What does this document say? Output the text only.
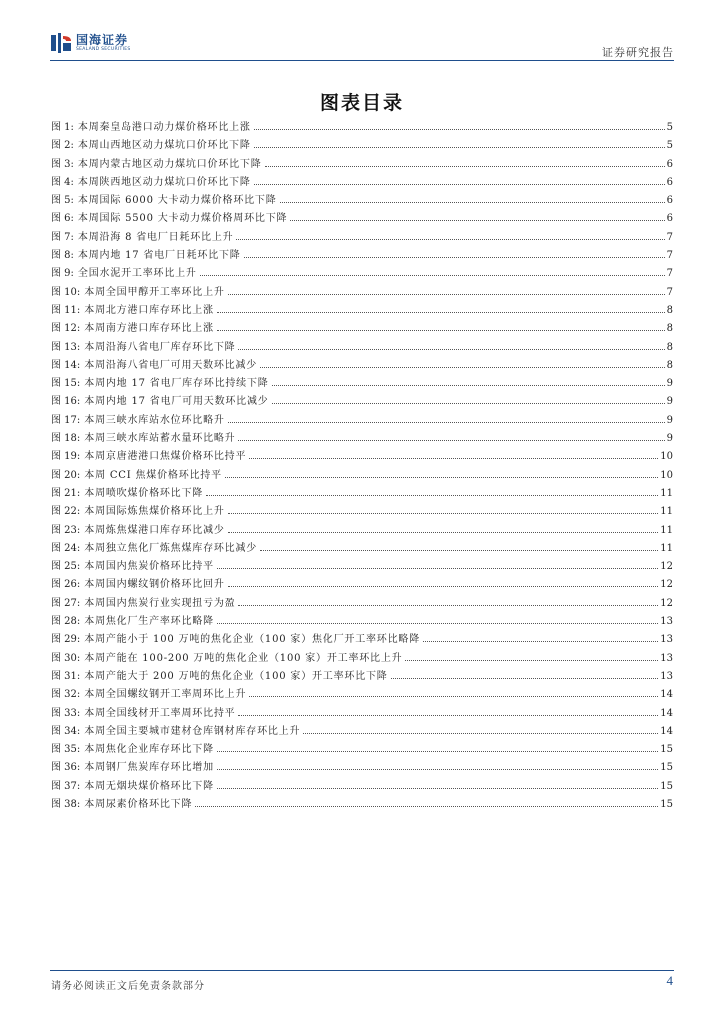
国海证券
SEALAND SECURITIES	证券研究报告
图表目录
图 1: 本周秦皇岛港口动力煤价格环比上涨	5
图 2: 本周山西地区动力煤坑口价环比下降	5
图 3: 本周内蒙古地区动力煤坑口价环比下降	6
图 4: 本周陕西地区动力煤坑口价环比下降	6
图 5: 本周国际 6000 大卡动力煤价格环比下降	6
图 6: 本周国际 5500 大卡动力煤价格周环比下降	6
图 7: 本周沿海 8 省电厂日耗环比上升	7
图 8: 本周内地 17 省电厂日耗环比下降	7
图 9: 全国水泥开工率环比上升	7
图 10: 本周全国甲醇开工率环比上升	7
图 11: 本周北方港口库存环比上涨	8
图 12: 本周南方港口库存环比上涨	8
图 13: 本周沿海八省电厂库存环比下降	8
图 14: 本周沿海八省电厂可用天数环比减少	8
图 15: 本周内地 17 省电厂库存环比持续下降	9
图 16: 本周内地 17 省电厂可用天数环比减少	9
图 17: 本周三峡水库站水位环比略升	9
图 18: 本周三峡水库站蓄水量环比略升	9
图 19: 本周京唐港港口焦煤价格环比持平	10
图 20: 本周 CCI 焦煤价格环比持平	10
图 21: 本周喷吹煤价格环比下降	11
图 22: 本周国际炼焦煤价格环比上升	11
图 23: 本周炼焦煤港口库存环比减少	11
图 24: 本周独立焦化厂炼焦煤库存环比减少	11
图 25: 本周国内焦炭价格环比持平	12
图 26: 本周国内螺纹钢价格环比回升	12
图 27: 本周国内焦炭行业实现扭亏为盈	12
图 28: 本周焦化厂生产率环比略降	13
图 29: 本周产能小于 100 万吨的焦化企业（100 家）焦化厂开工率环比略降	13
图 30: 本周产能在 100-200 万吨的焦化企业（100 家）开工率环比上升	13
图 31: 本周产能大于 200 万吨的焦化企业（100 家）开工率环比下降	13
图 32: 本周全国螺纹钢开工率周环比上升	14
图 33: 本周全国线材开工率周环比持平	14
图 34: 本周全国主要城市建材仓库钢材库存环比上升	14
图 35: 本周焦化企业库存环比下降	15
图 36: 本周钢厂焦炭库存环比增加	15
图 37: 本周无烟块煤价格环比下降	15
图 38: 本周尿素价格环比下降	15
请务必阅读正文后免责条款部分	4
